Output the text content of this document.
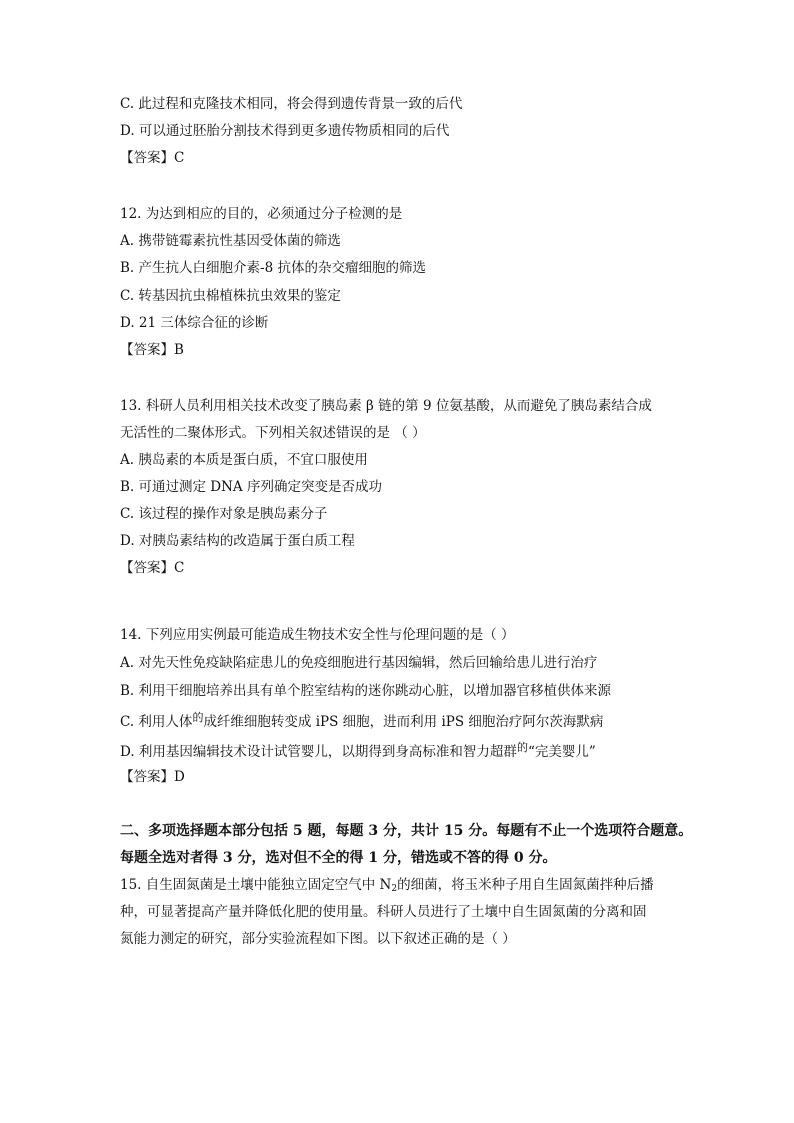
C. 此过程和克隆技术相同，将会得到遗传背景一致的后代
D. 可以通过胚胎分割技术得到更多遗传物质相同的后代
【答案】C
12. 为达到相应的目的，必须通过分子检测的是
A. 携带链霉素抗性基因受体菌的筛选
B. 产生抗人白细胞介素-8 抗体的杂交瘤细胞的筛选
C. 转基因抗虫棉植株抗虫效果的鉴定
D. 21 三体综合征的诊断
【答案】B
13. 科研人员利用相关技术改变了胰岛素 β 链的第 9 位氨基酸，从而避免了胰岛素结合成
无活性的二聚体形式。下列相关叙述错误的是 （ ）
A. 胰岛素的本质是蛋白质，不宜口服使用
B. 可通过测定 DNA 序列确定突变是否成功
C. 该过程的操作对象是胰岛素分子
D. 对胰岛素结构的改造属于蛋白质工程
【答案】C
14. 下列应用实例最可能造成生物技术安全性与伦理问题的是（ ）
A. 对先天性免疫缺陷症患儿的免疫细胞进行基因编辑，然后回输给患儿进行治疗
B. 利用干细胞培养出具有单个腔室结构的迷你跳动心脏，以增加器官移植供体来源
C. 利用人体$^的$成纤维细胞转变成 iPS 细胞，进而利用 iPS 细胞治疗阿尔茨海默病
D. 利用基因编辑技术设计试管婴儿，以期得到身高标准和智力超群$^的$“完美婴儿”
【答案】D
二、多项选择题本部分包括 5 题，每题 3 分，共计 15 分。每题有不止一个选项符合题意。
每题全选对者得 3 分，选对但不全的得 1 分，错选或不答的得 0 分。
15. 自生固氮菌是土壤中能独立固定空气中 $N_2$的细菌，将玉米种子用自生固氮菌拌种后播
种，可显著提高产量并降低化肥的使用量。科研人员进行了土壤中自生固氮菌的分离和固
氮能力测定的研究，部分实验流程如下图。以下叙述正确的是（ ）
